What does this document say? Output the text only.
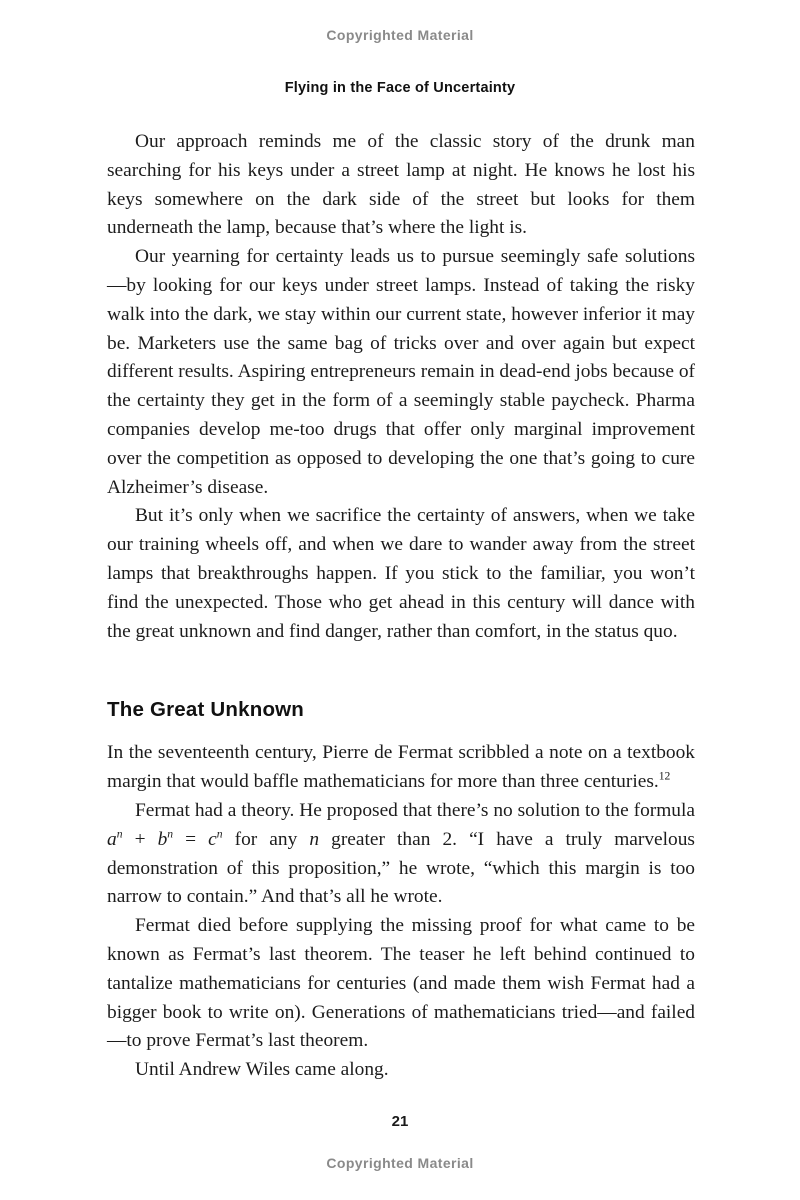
Copyrighted Material
Flying in the Face of Uncertainty

Our approach reminds me of the classic story of the drunk man searching for his keys under a street lamp at night. He knows he lost his keys somewhere on the dark side of the street but looks for them underneath the lamp, because that’s where the light is.

Our yearning for certainty leads us to pursue seemingly safe solutions—by looking for our keys under street lamps. Instead of taking the risky walk into the dark, we stay within our current state, however inferior it may be. Marketers use the same bag of tricks over and over again but expect different results. Aspiring entrepreneurs remain in dead-end jobs because of the certainty they get in the form of a seemingly stable paycheck. Pharma companies develop me-too drugs that offer only marginal improvement over the competition as opposed to developing the one that’s going to cure Alzheimer’s disease.

But it’s only when we sacrifice the certainty of answers, when we take our training wheels off, and when we dare to wander away from the street lamps that breakthroughs happen. If you stick to the familiar, you won’t find the unexpected. Those who get ahead in this century will dance with the great unknown and find danger, rather than comfort, in the status quo.

The Great Unknown

In the seventeenth century, Pierre de Fermat scribbled a note on a textbook margin that would baffle mathematicians for more than three centuries.$^{12}$

Fermat had a theory. He proposed that there’s no solution to the formula $a^n + b^n = c^n$ for any n greater than 2. “I have a truly marvelous demonstration of this proposition,” he wrote, “which this margin is too narrow to contain.” And that’s all he wrote.

Fermat died before supplying the missing proof for what came to be known as Fermat’s last theorem. The teaser he left behind continued to tantalize mathematicians for centuries (and made them wish Fermat had a bigger book to write on). Generations of mathematicians tried—and failed—to prove Fermat’s last theorem.

Until Andrew Wiles came along.

21
Copyrighted Material
